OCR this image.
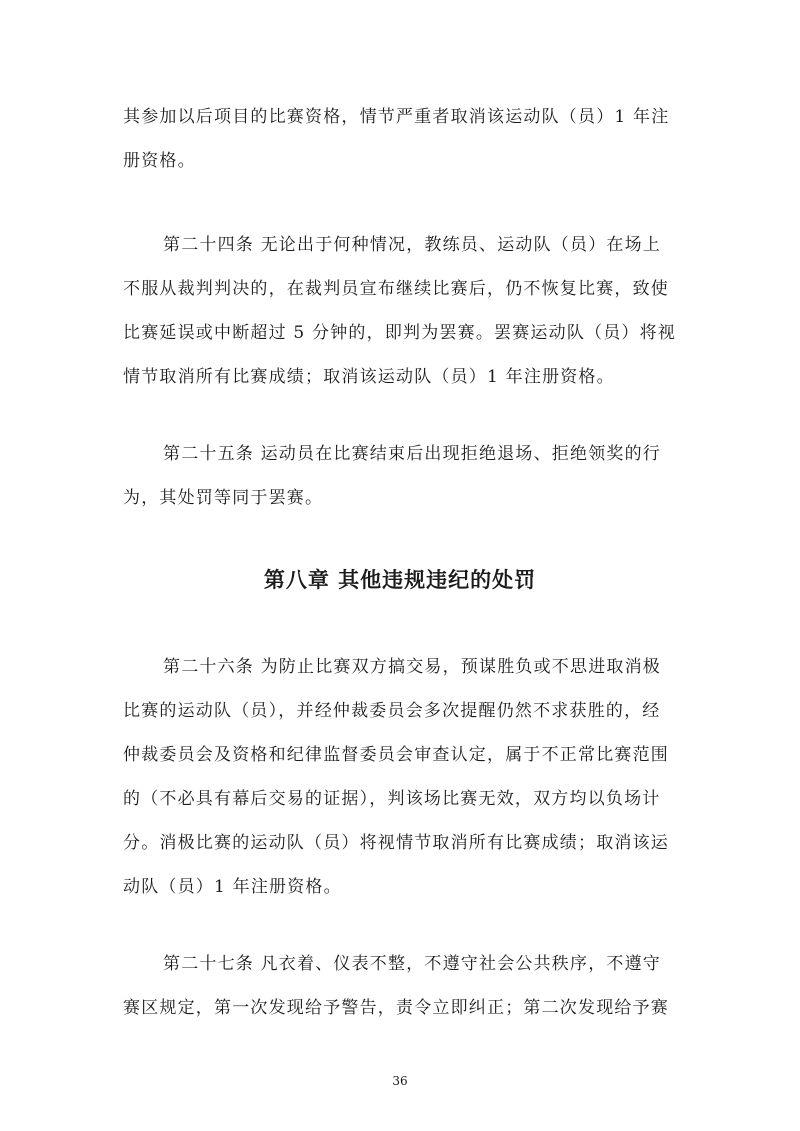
其参加以后项目的比赛资格，情节严重者取消该运动队（员）1 年注
册资格。
第二十四条 无论出于何种情况，教练员、运动队（员）在场上
不服从裁判判决的，在裁判员宣布继续比赛后，仍不恢复比赛，致使
比赛延误或中断超过 5 分钟的，即判为罢赛。罢赛运动队（员）将视
情节取消所有比赛成绩；取消该运动队（员）1 年注册资格。
第二十五条 运动员在比赛结束后出现拒绝退场、拒绝领奖的行
为，其处罚等同于罢赛。
第八章 其他违规违纪的处罚
第二十六条 为防止比赛双方搞交易，预谋胜负或不思进取消极
比赛的运动队（员），并经仲裁委员会多次提醒仍然不求获胜的，经
仲裁委员会及资格和纪律监督委员会审查认定，属于不正常比赛范围
的（不必具有幕后交易的证据），判该场比赛无效，双方均以负场计
分。消极比赛的运动队（员）将视情节取消所有比赛成绩；取消该运
动队（员）1 年注册资格。
第二十七条 凡衣着、仪表不整，不遵守社会公共秩序，不遵守
赛区规定，第一次发现给予警告，责令立即纠正；第二次发现给予赛
36
